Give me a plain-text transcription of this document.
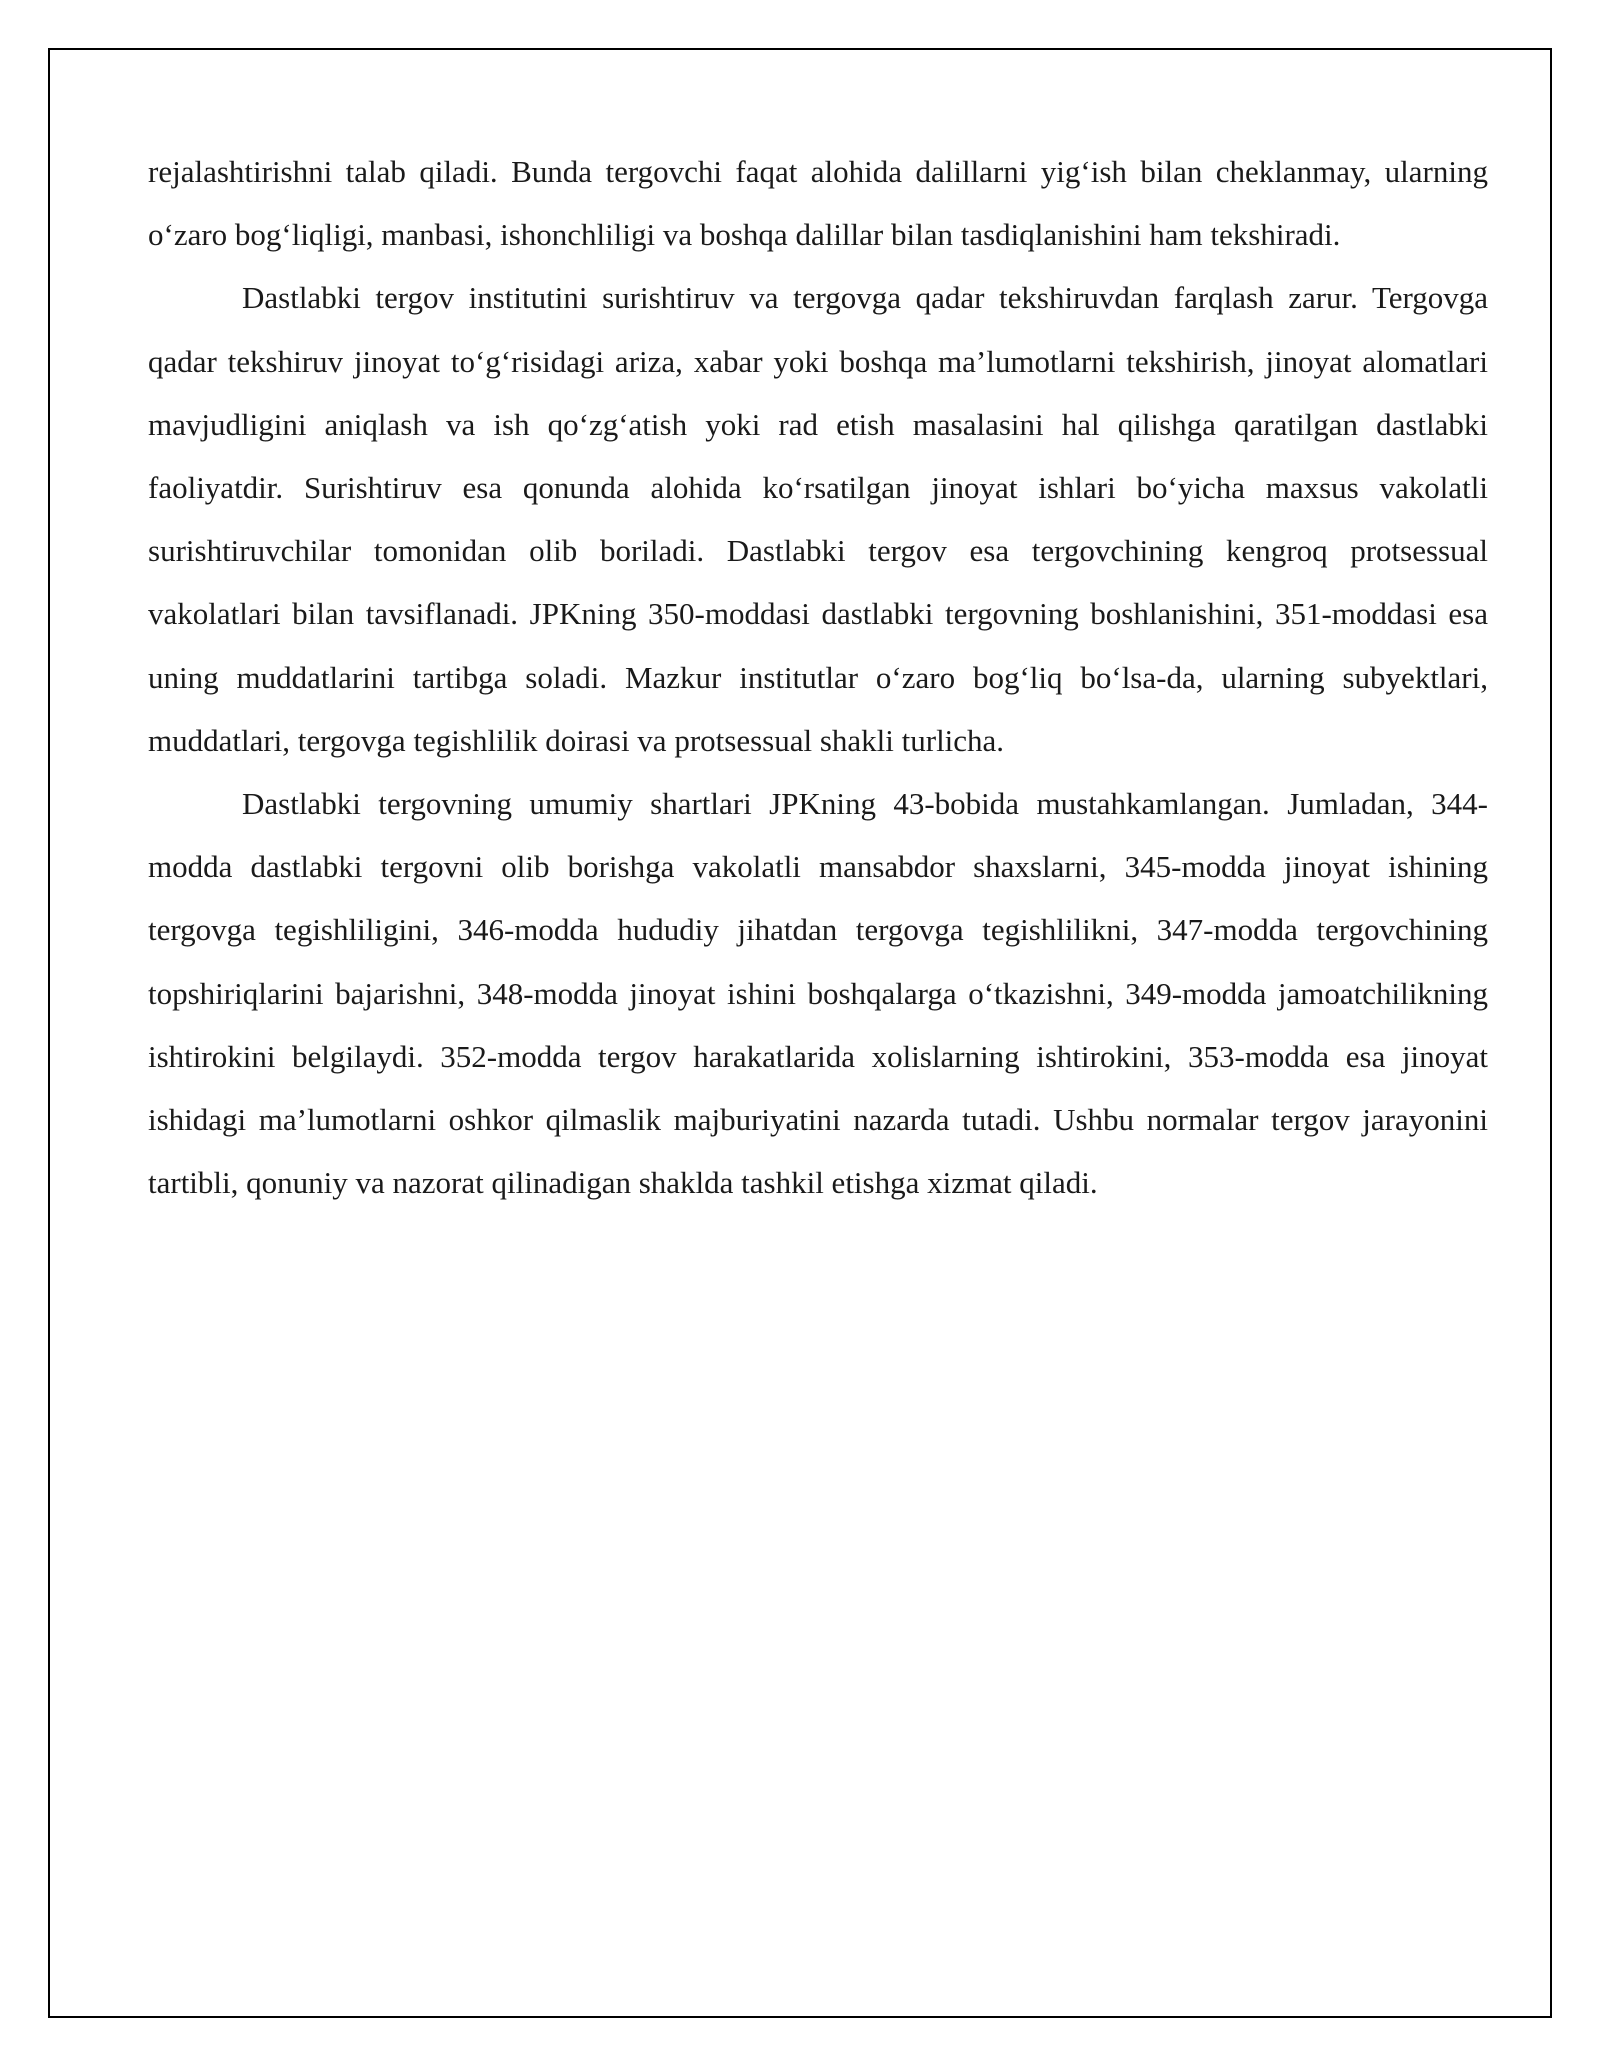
rejalashtirishni talab qiladi. Bunda tergovchi faqat alohida dalillarni yig‘ish bilan cheklanmay, ularning o‘zaro bog‘liqligi, manbasi, ishonchliligi va boshqa dalillar bilan tasdiqlanishini ham tekshiradi.

Dastlabki tergov institutini surishtiruv va tergovga qadar tekshiruvdan farqlash zarur. Tergovga qadar tekshiruv jinoyat to‘g‘risidagi ariza, xabar yoki boshqa ma’lumotlarni tekshirish, jinoyat alomatlari mavjudligini aniqlash va ish qo‘zg‘atish yoki rad etish masalasini hal qilishga qaratilgan dastlabki faoliyatdir. Surishtiruv esa qonunda alohida ko‘rsatilgan jinoyat ishlari bo‘yicha maxsus vakolatli surishtiruvchilar tomonidan olib boriladi. Dastlabki tergov esa tergovchining kengroq protsessual vakolatlari bilan tavsiflanadi. JPKning 350-moddasi dastlabki tergovning boshlanishini, 351-moddasi esa uning muddatlarini tartibga soladi. Mazkur institutlar o‘zaro bog‘liq bo‘lsa-da, ularning subyektlari, muddatlari, tergovga tegishlilik doirasi va protsessual shakli turlicha.

Dastlabki tergovning umumiy shartlari JPKning 43-bobida mustahkamlangan. Jumladan, 344-modda dastlabki tergovni olib borishga vakolatli mansabdor shaxslarni, 345-modda jinoyat ishining tergovga tegishliligini, 346-modda hududiy jihatdan tergovga tegishlilikni, 347-modda tergovchining topshiriqlarini bajarishni, 348-modda jinoyat ishini boshqalarga o‘tkazishni, 349-modda jamoatchilikning ishtirokini belgilaydi. 352-modda tergov harakatlarida xolislarning ishtirokini, 353-modda esa jinoyat ishidagi ma’lumotlarni oshkor qilmaslik majburiyatini nazarda tutadi. Ushbu normalar tergov jarayonini tartibli, qonuniy va nazorat qilinadigan shaklda tashkil etishga xizmat qiladi.
